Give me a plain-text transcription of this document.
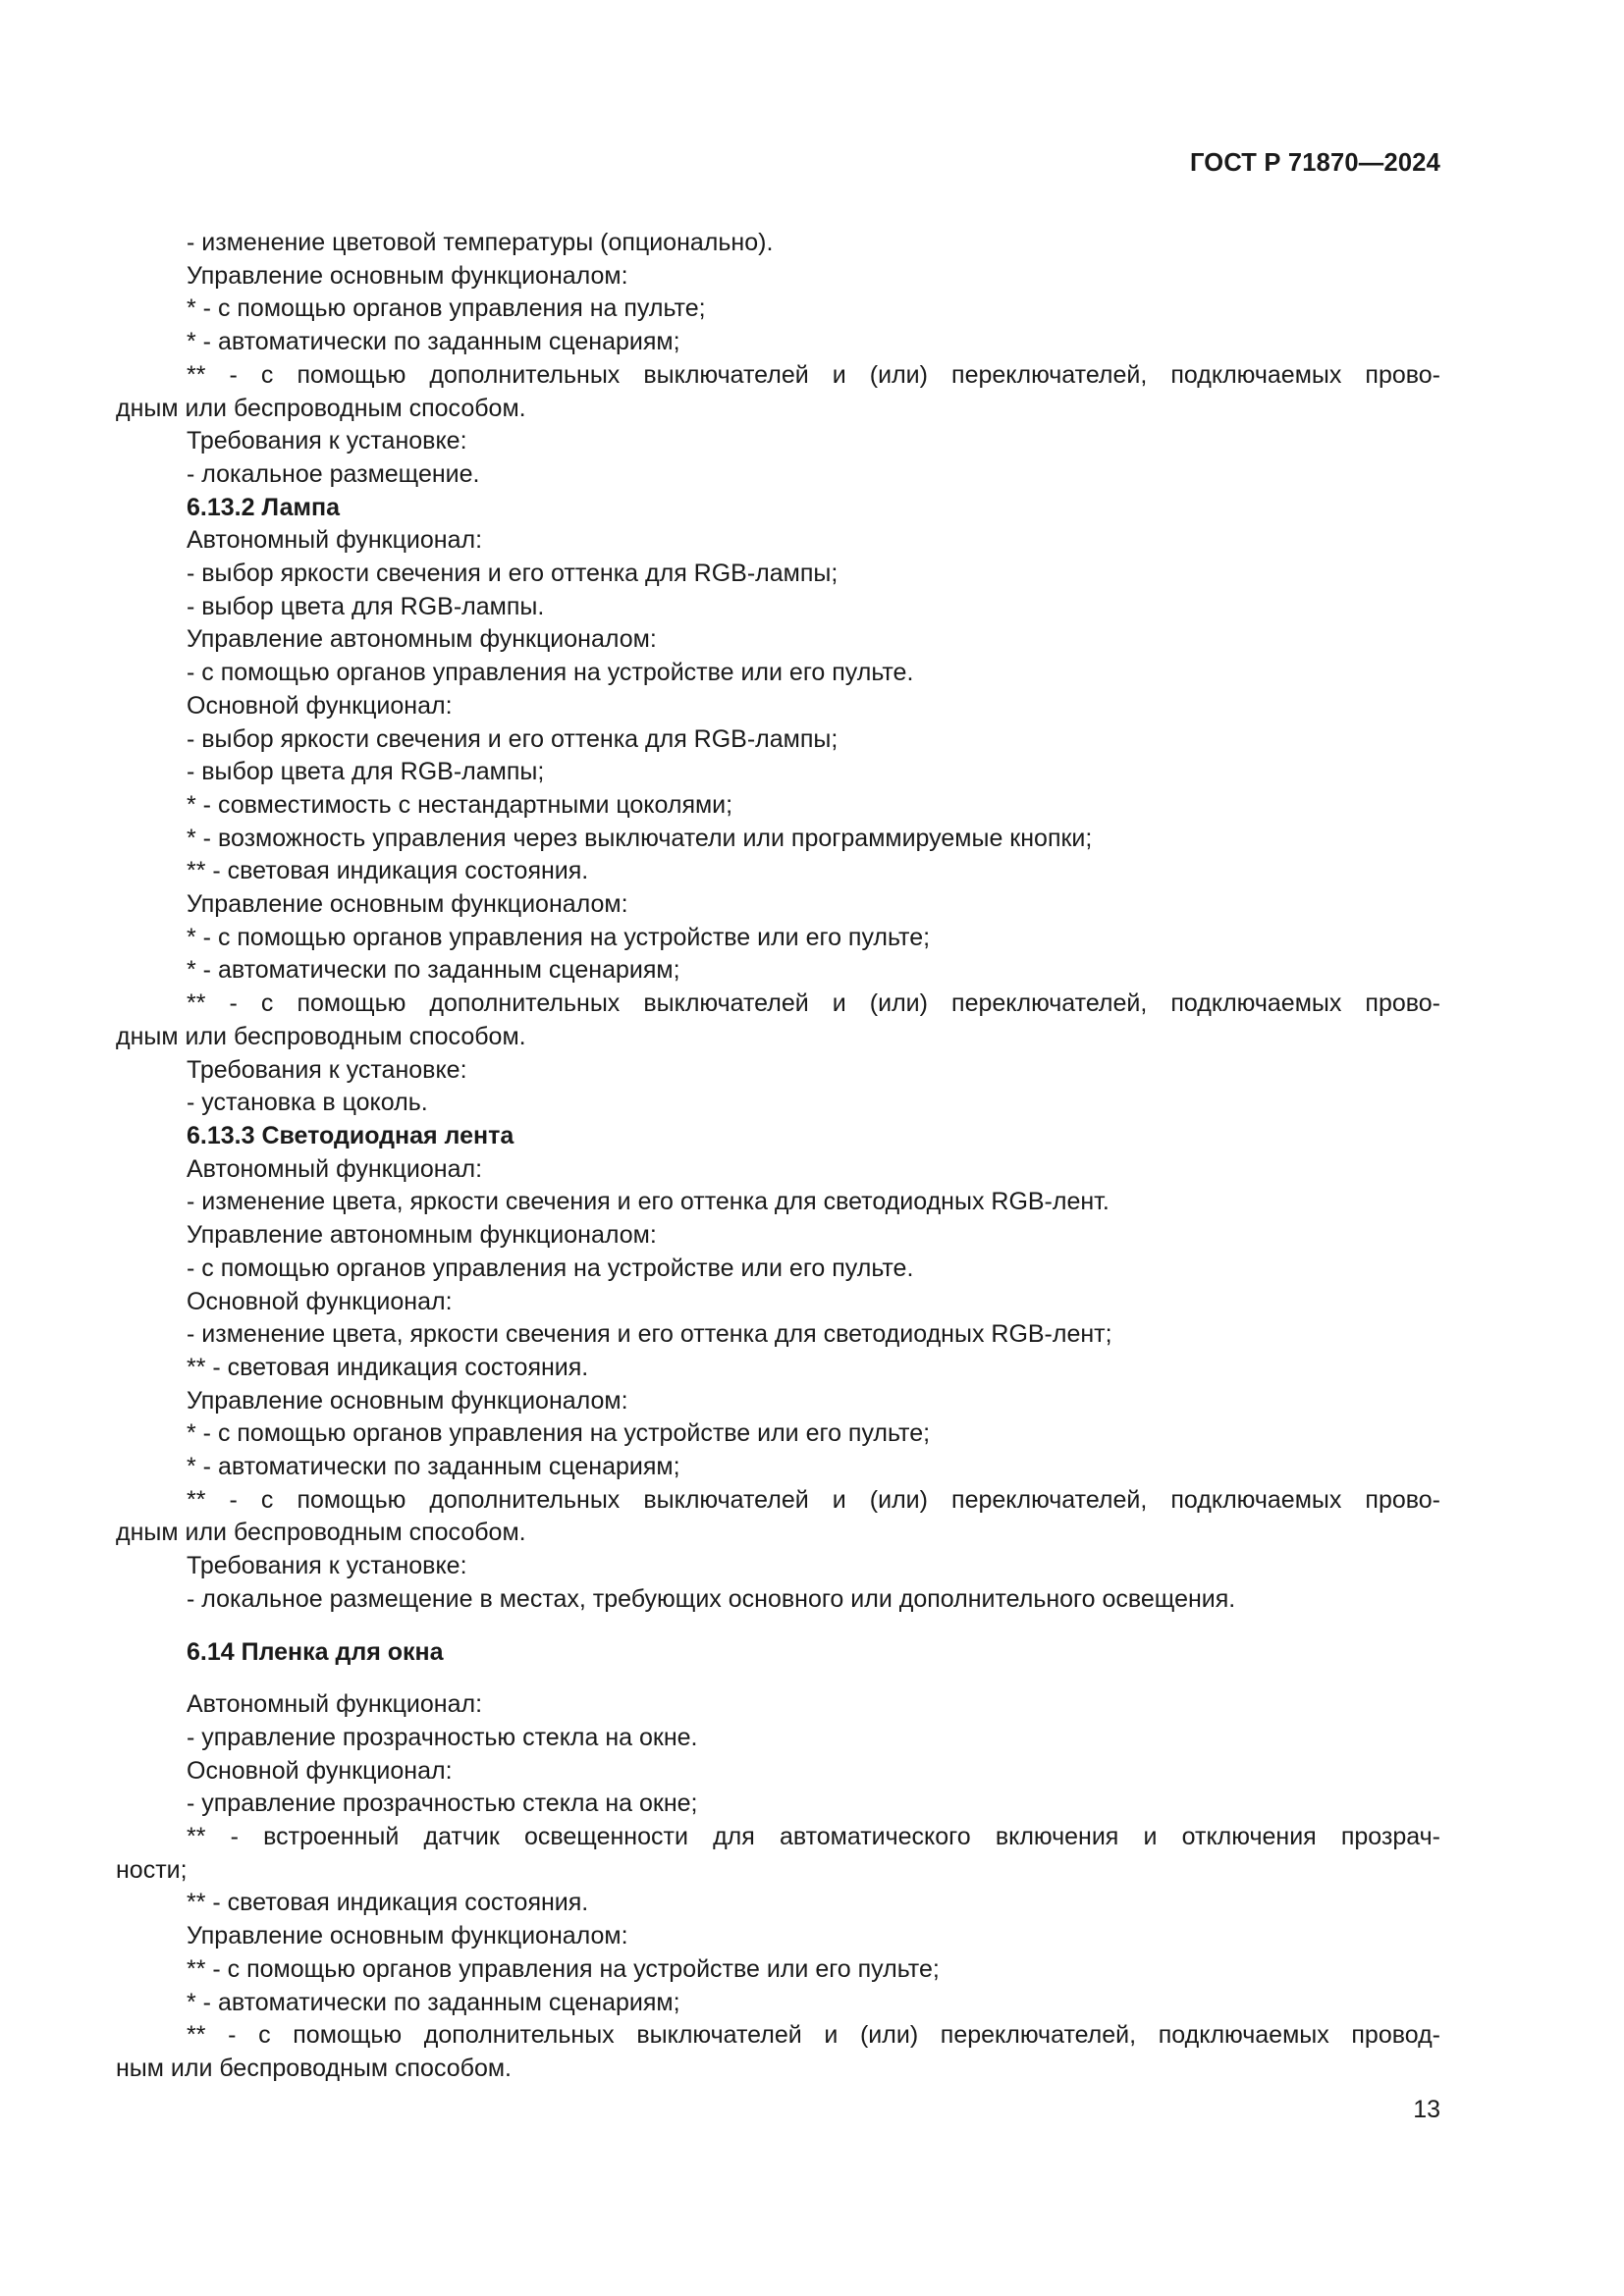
ГОСТ Р 71870—2024
- изменение цветовой температуры (опционально).
Управление основным функционалом:
* - с помощью органов управления на пульте;
* - автоматически по заданным сценариям;
** - с помощью дополнительных выключателей и (или) переключателей, подключаемых прово-
дным или беспроводным способом.
Требования к установке:
- локальное размещение.
6.13.2 Лампа
Автономный функционал:
- выбор яркости свечения и его оттенка для RGB-лампы;
- выбор цвета для RGB-лампы.
Управление автономным функционалом:
- с помощью органов управления на устройстве или его пульте.
Основной функционал:
- выбор яркости свечения и его оттенка для RGB-лампы;
- выбор цвета для RGB-лампы;
* - совместимость с нестандартными цоколями;
* - возможность управления через выключатели или программируемые кнопки;
** - световая индикация состояния.
Управление основным функционалом:
* - с помощью органов управления на устройстве или его пульте;
* - автоматически по заданным сценариям;
** - с помощью дополнительных выключателей и (или) переключателей, подключаемых прово-
дным или беспроводным способом.
Требования к установке:
- установка в цоколь.
6.13.3 Светодиодная лента
Автономный функционал:
- изменение цвета, яркости свечения и его оттенка для светодиодных RGB-лент.
Управление автономным функционалом:
- с помощью органов управления на устройстве или его пульте.
Основной функционал:
- изменение цвета, яркости свечения и его оттенка для светодиодных RGB-лент;
** - световая индикация состояния.
Управление основным функционалом:
* - с помощью органов управления на устройстве или его пульте;
* - автоматически по заданным сценариям;
** - с помощью дополнительных выключателей и (или) переключателей, подключаемых прово-
дным или беспроводным способом.
Требования к установке:
- локальное размещение в местах, требующих основного или дополнительного освещения.
6.14 Пленка для окна
Автономный функционал:
- управление прозрачностью стекла на окне.
Основной функционал:
- управление прозрачностью стекла на окне;
** - встроенный датчик освещенности для автоматического включения и отключения прозрач-
ности;
** - световая индикация состояния.
Управление основным функционалом:
** - с помощью органов управления на устройстве или его пульте;
* - автоматически по заданным сценариям;
** - с помощью дополнительных выключателей и (или) переключателей, подключаемых провод-
ным или беспроводным способом.
13
